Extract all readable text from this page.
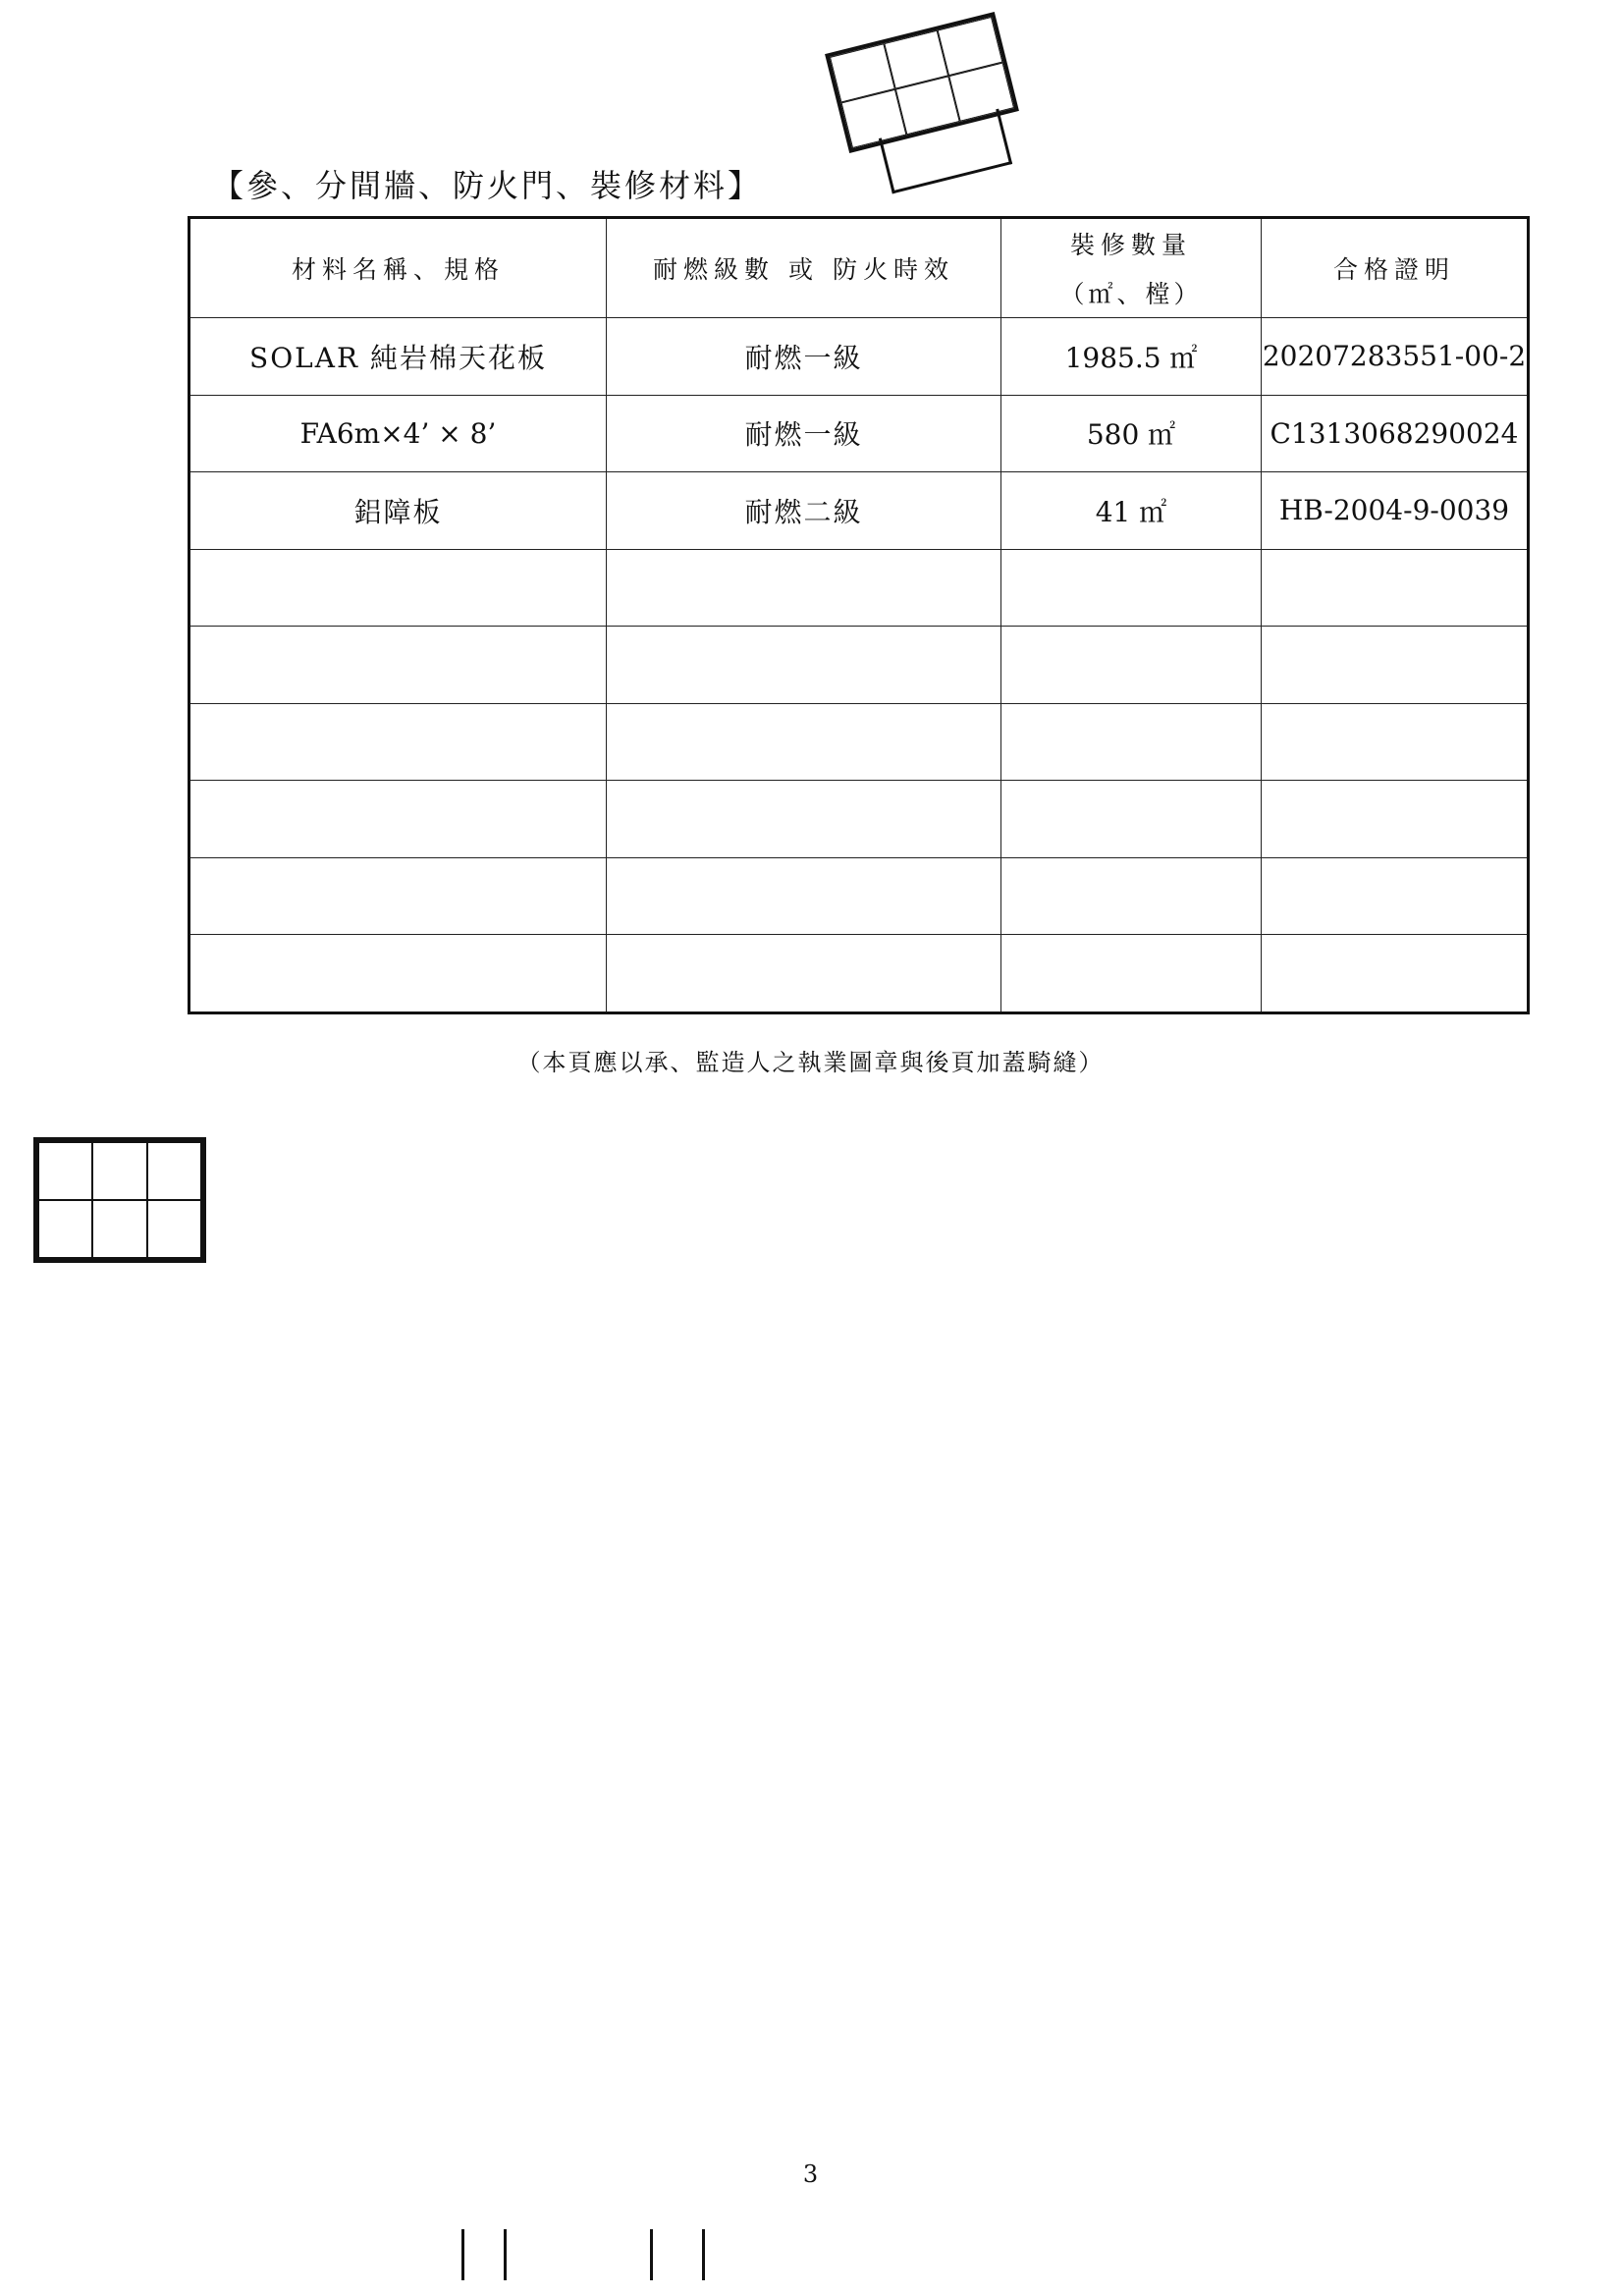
【參、分間牆、防火門、裝修材料】
材料名稱、規格	耐燃級數 或 防火時效	裝修數量
（㎡、樘）	合格證明
SOLAR 純岩棉天花板	耐燃一級	1985.5 ㎡	20207283551-00-2
FA6m×4’ × 8’	耐燃一級	580 ㎡	C1313068290024
鋁障板	耐燃二級	41 ㎡	HB-2004-9-0039

（本頁應以承、監造人之執業圖章與後頁加蓋騎縫）
3
